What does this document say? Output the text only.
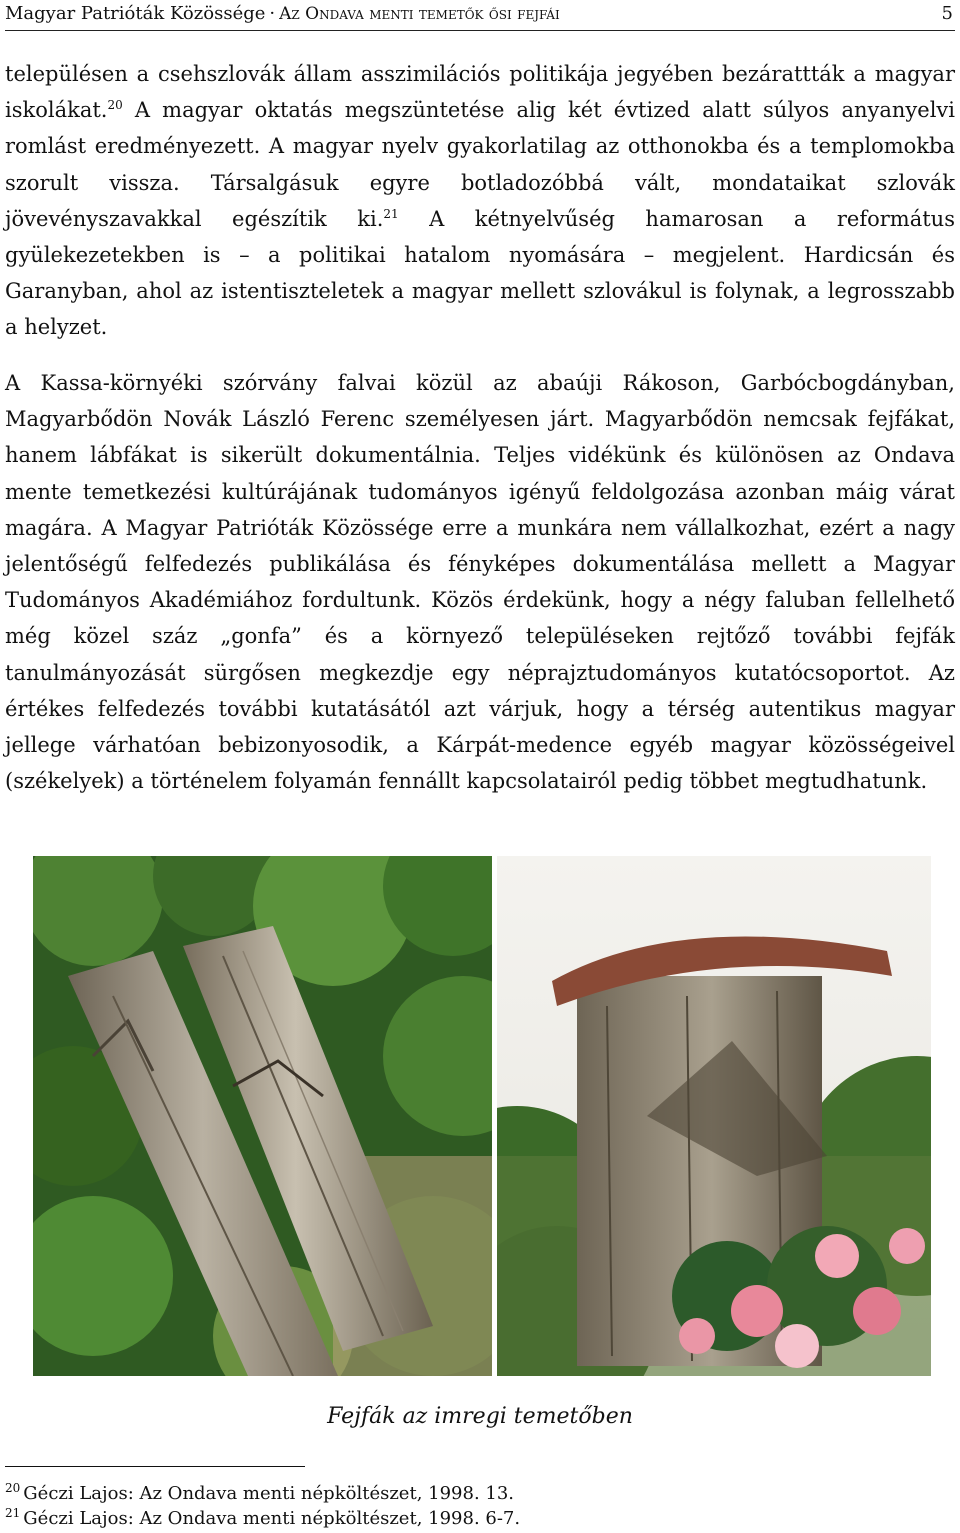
Magyar Patrióták Közössége · Az Ondava menti temetők ősi fejfái	5

településen a csehszlovák állam asszimilációs politikája jegyében bezárattták a magyar iskolákat.$^{20}$ A magyar oktatás megszüntetése alig két évtized alatt súlyos anyanyelvi romlást eredményezett. A magyar nyelv gyakorlatilag az otthonokba és a templomokba szorult vissza. Társalgásuk egyre botladozóbbá vált, mondataikat szlovák jövevényszavakkal egészítik ki.$^{21}$ A kétnyelvűség hamarosan a református gyülekezetekben is – a politikai hatalom nyomására – megjelent. Hardicsán és Garanyban, ahol az istentiszteletek a magyar mellett szlovákul is folynak, a legrosszabb a helyzet.

A Kassa-környéki szórvány falvai közül az abaúji Rákoson, Garbócbogdányban, Magyarbődön Novák László Ferenc személyesen járt. Magyarbődön nemcsak fejfákat, hanem lábfákat is sikerült dokumentálnia. Teljes vidékünk és különösen az Ondava mente temetkezési kultúrájának tudományos igényű feldolgozása azonban máig várat magára. A Magyar Patrióták Közössége erre a munkára nem vállalkozhat, ezért a nagy jelentőségű felfedezés publikálása és fényképes dokumentálása mellett a Magyar Tudományos Akadémiához fordultunk. Közös érdekünk, hogy a négy faluban fellelhető még közel száz „gonfa” és a környező településeken rejtőző további fejfák tanulmányozását sürgősen megkezdje egy néprajztudományos kutatócsoportot. Az értékes felfedezés további kutatásától azt várjuk, hogy a térség autentikus magyar jellege várhatóan bebizonyosodik, a Kárpát-medence egyéb magyar közösségeivel (székelyek) a történelem folyamán fennállt kapcsolatairól pedig többet megtudhatunk.

Fejfák az imregi temetőben

$^{20}$ Géczi Lajos: Az Ondava menti népköltészet, 1998. 13.

$^{21}$ Géczi Lajos: Az Ondava menti népköltészet, 1998. 6-7.
